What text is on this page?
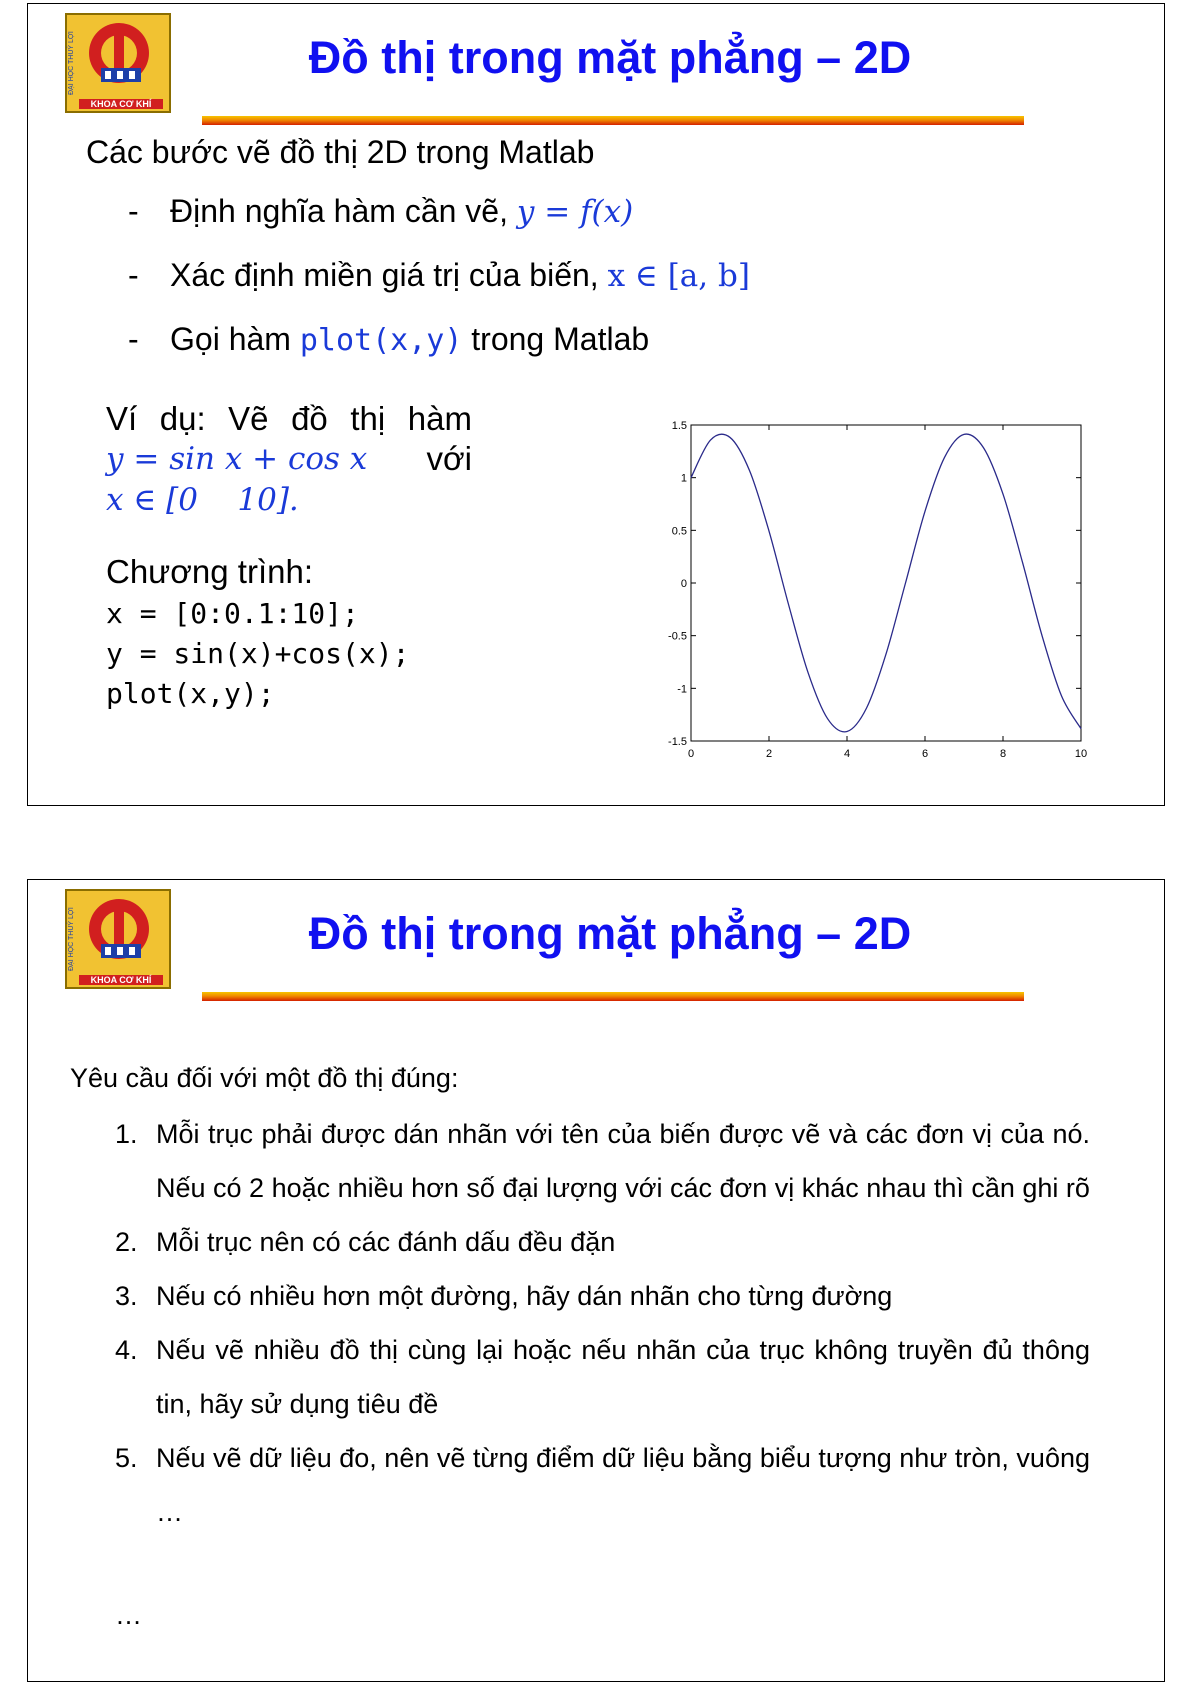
ĐẠI HỌC THUỶ LỢI
KHOA CƠ KHÍ
Đồ thị trong mặt phẳng – 2D
Các bước vẽ đồ thị 2D trong Matlab
- Định nghĩa hàm cần vẽ, y = f(x)
- Xác định miền giá trị của biến, x ∈ [a, b]
- Gọi hàm plot(x,y) trong Matlab
Ví dụ: Vẽ đồ thị hàm
y = sin x + cos x với
x ∈ [0    10].
Chương trình:
x = [0:0.1:10];
y = sin(x)+cos(x);
plot(x,y);
0	2	4	6	8	10
1.5
1
0.5
0
-0.5
-1
-1.5
ĐẠI HỌC THUỶ LỢI
KHOA CƠ KHÍ
Đồ thị trong mặt phẳng – 2D
Yêu cầu đối với một đồ thị đúng:
1. Mỗi trục phải được dán nhãn với tên của biến được vẽ và các đơn vị của nó. Nếu có 2 hoặc nhiều hơn số đại lượng với các đơn vị khác nhau thì cần ghi rõ
2. Mỗi trục nên có các đánh dấu đều đặn
3. Nếu có nhiều hơn một đường, hãy dán nhãn cho từng đường
4. Nếu vẽ nhiều đồ thị cùng lại hoặc nếu nhãn của trục không truyền đủ thông tin, hãy sử dụng tiêu đề
5. Nếu vẽ dữ liệu đo, nên vẽ từng điểm dữ liệu bằng biểu tượng như tròn, vuông …
…
